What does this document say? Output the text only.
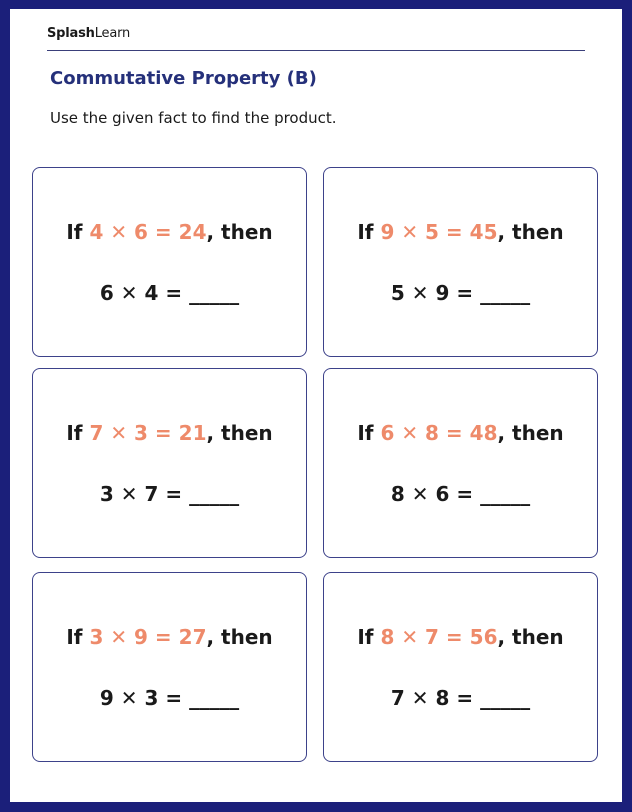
SplashLearn
Commutative Property (B)
Use the given fact to find the product.
If 4 ✕ 6 = 24, then
6 ✕ 4 = _____
If 9 ✕ 5 = 45, then
5 ✕ 9 = _____
If 7 ✕ 3 = 21, then
3 ✕ 7 = _____
If 6 ✕ 8 = 48, then
8 ✕ 6 = _____
If 3 ✕ 9 = 27, then
9 ✕ 3 = _____
If 8 ✕ 7 = 56, then
7 ✕ 8 = _____
